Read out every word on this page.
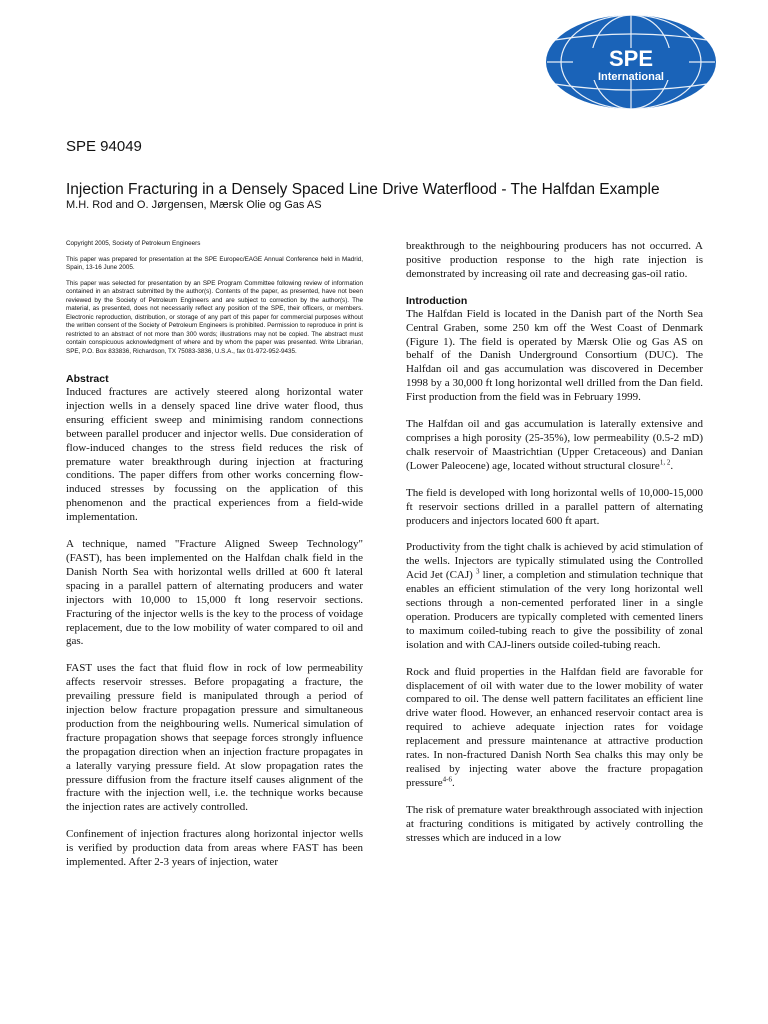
SPE
International
SPE 94049
Injection Fracturing in a Densely Spaced Line Drive Waterflood - The Halfdan Example

M.H. Rod and O. Jørgensen, Mærsk Olie og Gas AS

Copyright 2005, Society of Petroleum Engineers

This paper was prepared for presentation at the SPE Europec/EAGE Annual Conference held in Madrid, Spain, 13-16 June 2005.

This paper was selected for presentation by an SPE Program Committee following review of information contained in an abstract submitted by the author(s). Contents of the paper, as presented, have not been reviewed by the Society of Petroleum Engineers and are subject to correction by the author(s). The material, as presented, does not necessarily reflect any position of the SPE, their officers, or members. Electronic reproduction, distribution, or storage of any part of this paper for commercial purposes without the written consent of the Society of Petroleum Engineers is prohibited. Permission to reproduce in print is restricted to an abstract of not more than 300 words; illustrations may not be copied. The abstract must contain conspicuous acknowledgment of where and by whom the paper was presented. Write Librarian, SPE, P.O. Box 833836, Richardson, TX 75083-3836, U.S.A., fax 01-972-952-9435.

Abstract

Induced fractures are actively steered along horizontal water injection wells in a densely spaced line drive water flood, thus ensuring efficient sweep and minimising random connections between parallel producer and injector wells. Due consideration of flow-induced changes to the stress field reduces the risk of premature water breakthrough during injection at fracturing conditions. The paper differs from other works concerning flow-induced stresses by focussing on the application of this phenomenon and the practical experiences from a field-wide implementation.

A technique, named "Fracture Aligned Sweep Technology" (FAST), has been implemented on the Halfdan chalk field in the Danish North Sea with horizontal wells drilled at 600 ft lateral spacing in a parallel pattern of alternating producers and water injectors with 10,000 to 15,000 ft long reservoir sections. Fracturing of the injector wells is the key to the process of voidage replacement, due to the low mobility of water compared to oil and gas.

FAST uses the fact that fluid flow in rock of low permeability affects reservoir stresses. Before propagating a fracture, the prevailing pressure field is manipulated through a period of injection below fracture propagation pressure and simultaneous production from the neighbouring wells. Numerical simulation of fracture propagation shows that seepage forces strongly influence the propagation direction when an injection fracture propagates in a laterally varying pressure field. At slow propagation rates the pressure diffusion from the fracture itself causes alignment of the fracture with the injection well, i.e. the technique works because the injection rates are actively controlled.

Confinement of injection fractures along horizontal injector wells is verified by production data from areas where FAST has been implemented. After 2-3 years of injection, water

breakthrough to the neighbouring producers has not occurred. A positive production response to the high rate injection is demonstrated by increasing oil rate and decreasing gas-oil ratio.

Introduction

The Halfdan Field is located in the Danish part of the North Sea Central Graben, some 250 km off the West Coast of Denmark (Figure 1). The field is operated by Mærsk Olie og Gas AS on behalf of the Danish Underground Consortium (DUC). The Halfdan oil and gas accumulation was discovered in December 1998 by a 30,000 ft long horizontal well drilled from the Dan field. First production from the field was in February 1999.

The Halfdan oil and gas accumulation is laterally extensive and comprises a high porosity (25-35%), low permeability (0.5-2 mD) chalk reservoir of Maastrichtian (Upper Cretaceous) and Danian (Lower Paleocene) age, located without structural closure$^{1, 2}$.

The field is developed with long horizontal wells of 10,000-15,000 ft reservoir sections drilled in a parallel pattern of alternating producers and injectors located 600 ft apart.

Productivity from the tight chalk is achieved by acid stimulation of the wells. Injectors are typically stimulated using the Controlled Acid Jet (CAJ) $^3$ liner, a completion and stimulation technique that enables an efficient stimulation of the very long horizontal well sections through a non-cemented perforated liner in a single operation. Producers are typically completed with cemented liners to maximum coiled-tubing reach to give the possibility of zonal isolation and with CAJ-liners outside coiled-tubing reach.

Rock and fluid properties in the Halfdan field are favorable for displacement of oil with water due to the lower mobility of water compared to oil. The dense well pattern facilitates an efficient line drive water flood. However, an enhanced reservoir contact area is required to achieve adequate injection rates for voidage replacement and pressure maintenance at attractive production rates. In non-fractured Danish North Sea chalks this may only be realised by injecting water above the fracture propagation pressure$^{4-6}$.

The risk of premature water breakthrough associated with injection at fracturing conditions is mitigated by actively controlling the stresses which are induced in a low
